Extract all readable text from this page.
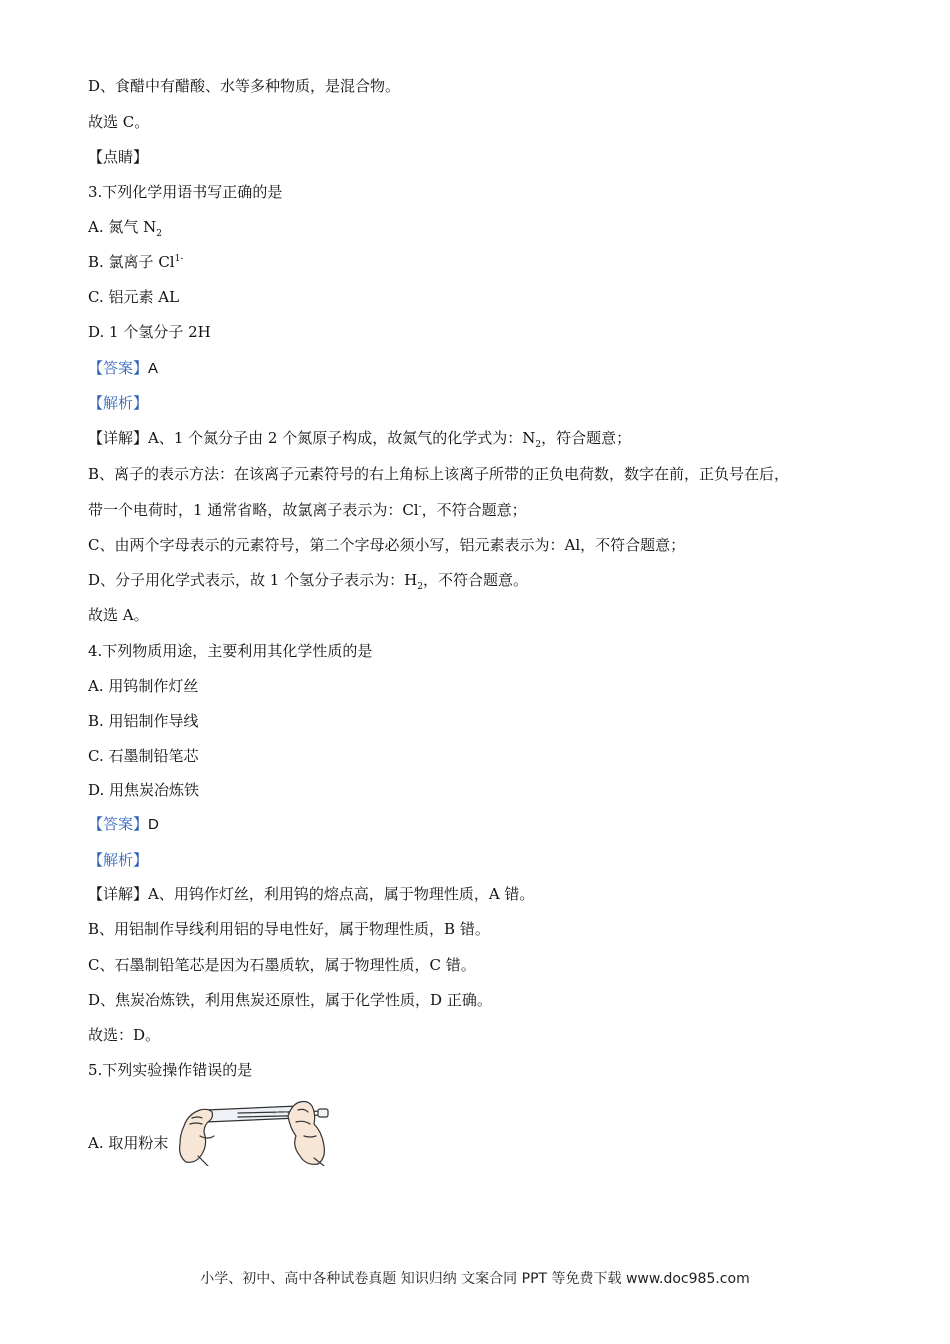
D、食醋中有醋酸、水等多种物质，是混合物。
故选 C。
【点睛】
3.下列化学用语书写正确的是
A. 氮气 $N_2$
B. 氯离子 $Cl^{1-}$
C. 铝元素 AL
D. 1 个氢分子 2H
【答案】A
【解析】
【详解】A、1 个氮分子由 2 个氮原子构成，故氮气的化学式为：$N_2$，符合题意；
B、离子的表示方法：在该离子元素符号的右上角标上该离子所带的正负电荷数，数字在前，正负号在后，
带一个电荷时，1 通常省略，故氯离子表示为：Cl-，不符合题意；
C、由两个字母表示的元素符号，第二个字母必须小写，铝元素表示为：Al，不符合题意；
D、分子用化学式表示，故 1 个氢分子表示为：$H_2$，不符合题意。
故选 A。
4.下列物质用途，主要利用其化学性质的是
A. 用钨制作灯丝
B. 用铝制作导线
C. 石墨制铅笔芯
D. 用焦炭冶炼铁
【答案】D
【解析】
【详解】A、用钨作灯丝，利用钨的熔点高，属于物理性质，A 错。
B、用铝制作导线利用铝的导电性好，属于物理性质，B 错。
C、石墨制铅笔芯是因为石墨质软，属于物理性质，C 错。
D、焦炭冶炼铁，利用焦炭还原性，属于化学性质，D 正确。
故选：D。
5.下列实验操作错误的是
A. 取用粉末
小学、初中、高中各种试卷真题 知识归纳 文案合同 PPT 等免费下载 www.doc985.com
